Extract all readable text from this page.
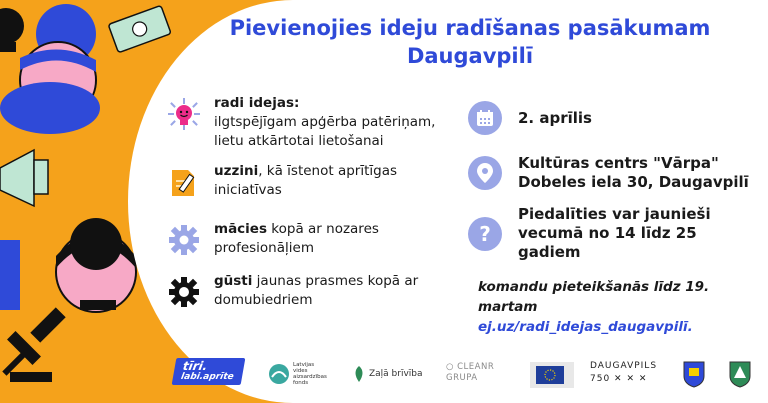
Pievienojies ideju radīšanas pasākumam
Daugavpilī
radi idejas:
ilgtspējīgam apģērba patēriņam, lietu atkārtotai lietošanai
uzzini, kā īstenot aprītīgas iniciatīvas
mācies kopā ar nozares profesionāļiem
gūsti jaunas prasmes kopā ar domubiedriem
2. aprīlis
Kultūras centrs "Vārpa"
Dobeles iela 30, Daugavpilī
?
Piedalīties var jaunieši
vecumā no 14 līdz 25
gadiem
komandu pieteikšanās līdz 19.
martam
ej.uz/radi_idejas_daugavpilī.
tīri.
labi.aprīte
Latvijas
vides
aizsardzības
fonds
Zaļā brīvība
○ CLEANR
GRUPA
DAUGAVPILS
750 ✕ ✕ ✕
